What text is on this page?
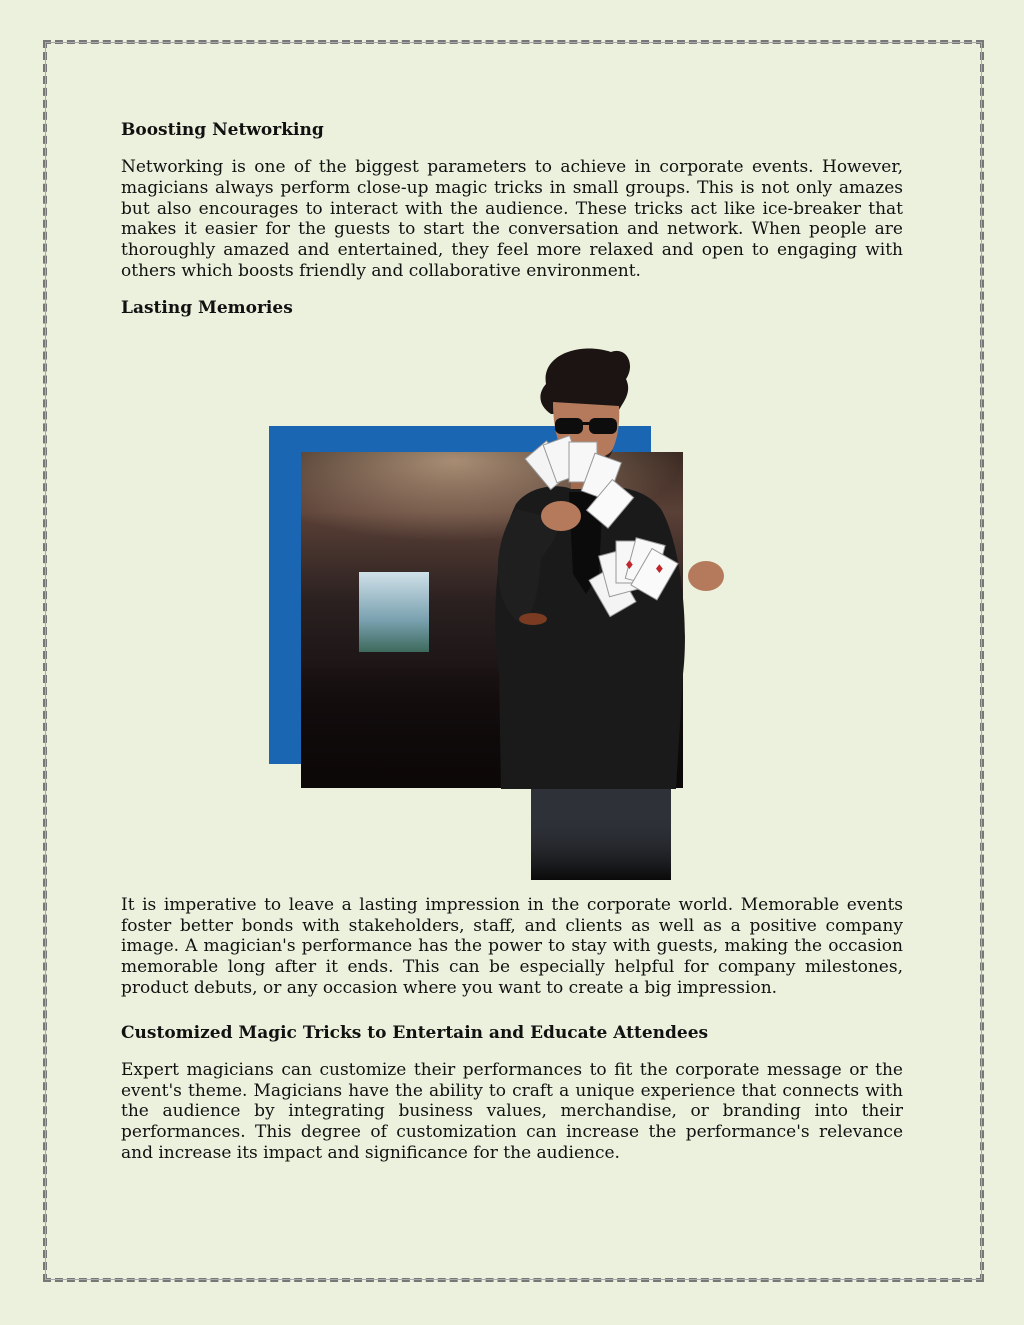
Boosting Networking

Networking is one of the biggest parameters to achieve in corporate events. However, magicians always perform close-up magic tricks in small groups. This is not only amazes but also encourages to interact with the audience. These tricks act like ice-breaker that makes it easier for the guests to start the conversation and network. When people are thoroughly amazed and entertained, they feel more relaxed and open to engaging with others which boosts friendly and collaborative environment.

Lasting Memories
♦ ♦

It is imperative to leave a lasting impression in the corporate world. Memorable events foster better bonds with stakeholders, staff, and clients as well as a positive company image. A magician's performance has the power to stay with guests, making the occasion memorable long after it ends. This can be especially helpful for company milestones, product debuts, or any occasion where you want to create a big impression.

Customized Magic Tricks to Entertain and Educate Attendees

Expert magicians can customize their performances to fit the corporate message or the event's theme. Magicians have the ability to craft a unique experience that connects with the audience by integrating business values, merchandise, or branding into their performances. This degree of customization can increase the performance's relevance and increase its impact and significance for the audience.
